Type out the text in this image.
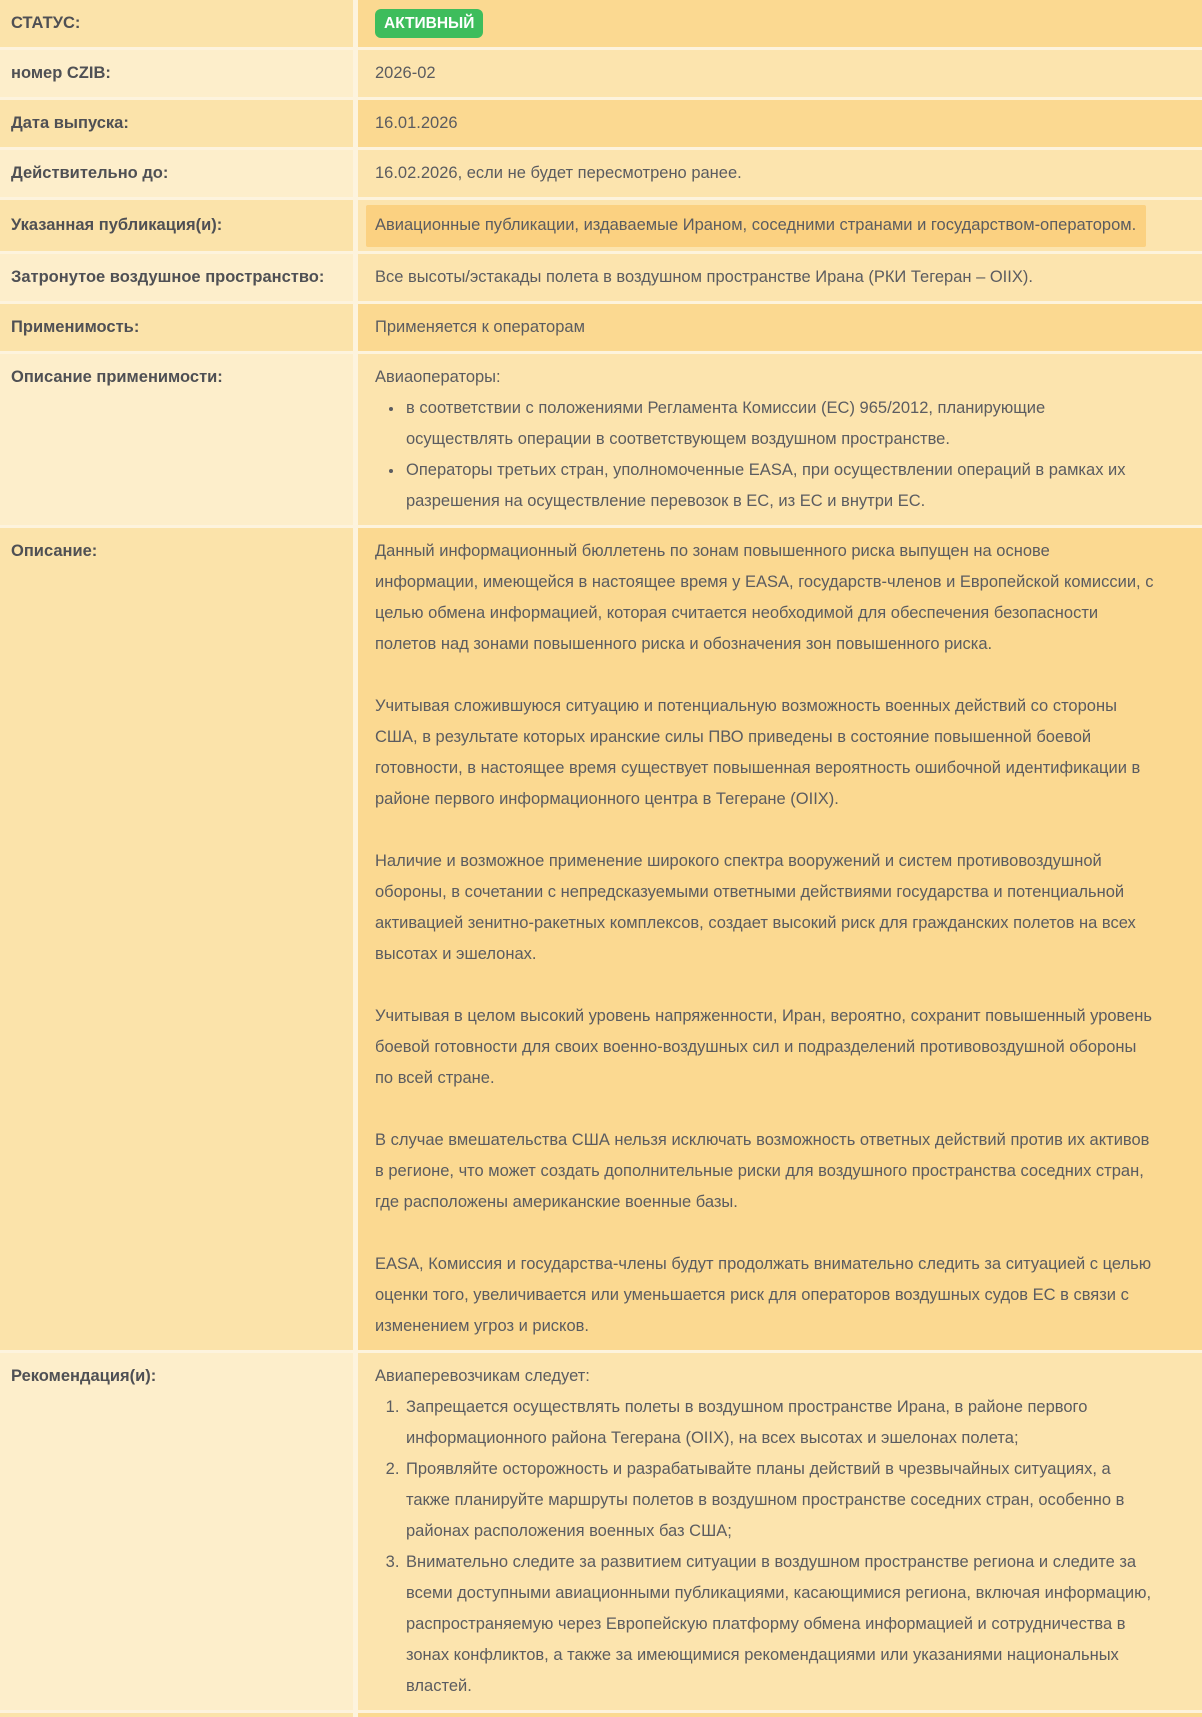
СТАТУС:	АКТИВНЫЙ
номер CZIB:	2026-02
Дата выпуска:	16.01.2026
Действительно до:	16.02.2026, если не будет пересмотрено ранее.
Указанная публикация(и):	Авиационные публикации, издаваемые Ираном, соседними странами и государством-оператором.
Затронутое воздушное пространство:	Все высоты/эстакады полета в воздушном пространстве Ирана (РКИ Тегеран – OIIX).
Применимость:	Применяется к операторам
Описание применимости:	Авиаоператоры:

• в соответствии с положениями Регламента Комиссии (ЕС) 965/2012, планирующие осуществлять операции в соответствующем воздушном пространстве.
• Операторы третьих стран, уполномоченные EASA, при осуществлении операций в рамках их разрешения на осуществление перевозок в ЕС, из ЕС и внутри ЕС.
Описание:	Данный информационный бюллетень по зонам повышенного риска выпущен на основе информации, имеющейся в настоящее время у EASA, государств-членов и Европейской комиссии, с целью обмена информацией, которая считается необходимой для обеспечения безопасности полетов над зонами повышенного риска и обозначения зон повышенного риска.

Учитывая сложившуюся ситуацию и потенциальную возможность военных действий со стороны США, в результате которых иранские силы ПВО приведены в состояние повышенной боевой готовности, в настоящее время существует повышенная вероятность ошибочной идентификации в районе первого информационного центра в Тегеране (OIIX).

Наличие и возможное применение широкого спектра вооружений и систем противовоздушной обороны, в сочетании с непредсказуемыми ответными действиями государства и потенциальной активацией зенитно-ракетных комплексов, создает высокий риск для гражданских полетов на всех высотах и эшелонах.

Учитывая в целом высокий уровень напряженности, Иран, вероятно, сохранит повышенный уровень боевой готовности для своих военно-воздушных сил и подразделений противовоздушной обороны по всей стране.

В случае вмешательства США нельзя исключать возможность ответных действий против их активов в регионе, что может создать дополнительные риски для воздушного пространства соседних стран, где расположены американские военные базы.

EASA, Комиссия и государства-члены будут продолжать внимательно следить за ситуацией с целью оценки того, увеличивается или уменьшается риск для операторов воздушных судов ЕС в связи с изменением угроз и рисков.

Рекомендация(и):	Авиаперевозчикам следует:

1. Запрещается осуществлять полеты в воздушном пространстве Ирана, в районе первого информационного района Тегерана (OIIX), на всех высотах и эшелонах полета;
2. Проявляйте осторожность и разрабатывайте планы действий в чрезвычайных ситуациях, а также планируйте маршруты полетов в воздушном пространстве соседних стран, особенно в районах расположения военных баз США;
3. Внимательно следите за развитием ситуации в воздушном пространстве региона и следите за всеми доступными авиационными публикациями, касающимися региона, включая информацию, распространяемую через Европейскую платформу обмена информацией и сотрудничества в зонах конфликтов, а также за имеющимися рекомендациями или указаниями национальных властей.
